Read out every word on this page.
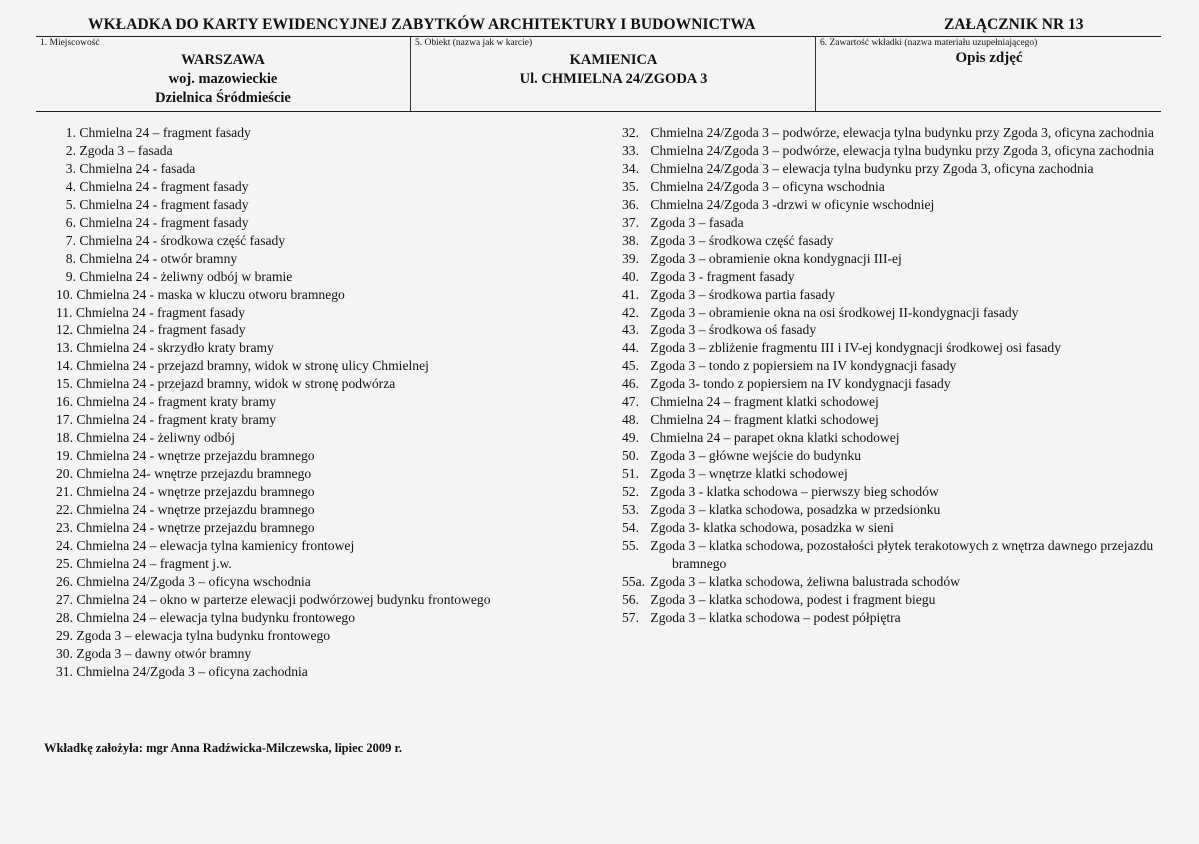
WKŁADKA DO KARTY EWIDENCYJNEJ ZABYTKÓW ARCHITEKTURY I BUDOWNICTWA	ZAŁĄCZNIK NR 13
1. Miejscowość
WARSZAWA
woj. mazowieckie
Dzielnica Śródmieście
5. Obiekt (nazwa jak w karcie)
KAMIENICA
Ul. CHMIELNA 24/ZGODA 3
6. Zawartość wkładki (nazwa materiału uzupełniającego)
Opis zdjęć
1. Chmielna 24 – fragment fasady
2. Zgoda 3 – fasada
3. Chmielna 24 - fasada
4. Chmielna 24 - fragment fasady
5. Chmielna 24 - fragment fasady
6. Chmielna 24 - fragment fasady
7. Chmielna 24 - środkowa część fasady
8. Chmielna 24 - otwór bramny
9. Chmielna 24 - żeliwny odbój w bramie
10. Chmielna 24 - maska w kluczu otworu bramnego
11. Chmielna 24 - fragment fasady
12. Chmielna 24 - fragment fasady
13. Chmielna 24 - skrzydło kraty bramy
14. Chmielna 24 - przejazd bramny, widok w stronę ulicy Chmielnej
15. Chmielna 24 - przejazd bramny, widok w stronę podwórza
16. Chmielna 24 - fragment kraty bramy
17. Chmielna 24 - fragment kraty bramy
18. Chmielna 24 - żeliwny odbój
19. Chmielna 24 - wnętrze przejazdu bramnego
20. Chmielna 24- wnętrze przejazdu bramnego
21. Chmielna 24 - wnętrze przejazdu bramnego
22. Chmielna 24 - wnętrze przejazdu bramnego
23. Chmielna 24 - wnętrze przejazdu bramnego
24. Chmielna 24 – elewacja tylna kamienicy frontowej
25. Chmielna 24 – fragment j.w.
26. Chmielna 24/Zgoda 3 – oficyna wschodnia
27. Chmielna 24 – okno w parterze elewacji podwórzowej budynku frontowego
28. Chmielna 24 – elewacja tylna budynku frontowego
29. Zgoda 3 – elewacja tylna budynku frontowego
30. Zgoda 3 – dawny otwór bramny
31. Chmielna 24/Zgoda 3 – oficyna zachodnia
32. Chmielna 24/Zgoda 3 – podwórze, elewacja tylna budynku przy Zgoda 3, oficyna zachodnia
33. Chmielna 24/Zgoda 3 – podwórze, elewacja tylna budynku przy Zgoda 3, oficyna zachodnia
34. Chmielna 24/Zgoda 3 – elewacja tylna budynku przy Zgoda 3, oficyna zachodnia
35. Chmielna 24/Zgoda 3 – oficyna wschodnia
36. Chmielna 24/Zgoda 3 -drzwi w oficynie wschodniej
37. Zgoda 3 – fasada
38. Zgoda 3 – środkowa część fasady
39. Zgoda 3 – obramienie okna kondygnacji III-ej
40. Zgoda 3 - fragment fasady
41. Zgoda 3 – środkowa partia fasady
42. Zgoda 3 – obramienie okna na osi środkowej II-kondygnacji fasady
43. Zgoda 3 – środkowa oś fasady
44. Zgoda 3 – zbliżenie fragmentu III i IV-ej kondygnacji środkowej osi fasady
45. Zgoda 3 – tondo z popiersiem na IV kondygnacji fasady
46. Zgoda 3- tondo z popiersiem na IV kondygnacji fasady
47. Chmielna 24 – fragment klatki schodowej
48. Chmielna 24 – fragment klatki schodowej
49. Chmielna 24 – parapet okna klatki schodowej
50. Zgoda 3 – główne wejście do budynku
51. Zgoda 3 – wnętrze klatki schodowej
52. Zgoda 3 - klatka schodowa – pierwszy bieg schodów
53. Zgoda 3 – klatka schodowa, posadzka w przedsionku
54. Zgoda 3- klatka schodowa, posadzka w sieni
55. Zgoda 3 – klatka schodowa, pozostałości płytek terakotowych z wnętrza dawnego przejazdu bramnego
55a. Zgoda 3 – klatka schodowa, żeliwna balustrada schodów
56. Zgoda 3 – klatka schodowa, podest i fragment biegu
57. Zgoda 3 – klatka schodowa – podest półpiętra
Wkładkę założyła: mgr Anna Radźwicka-Milczewska, lipiec 2009 r.
